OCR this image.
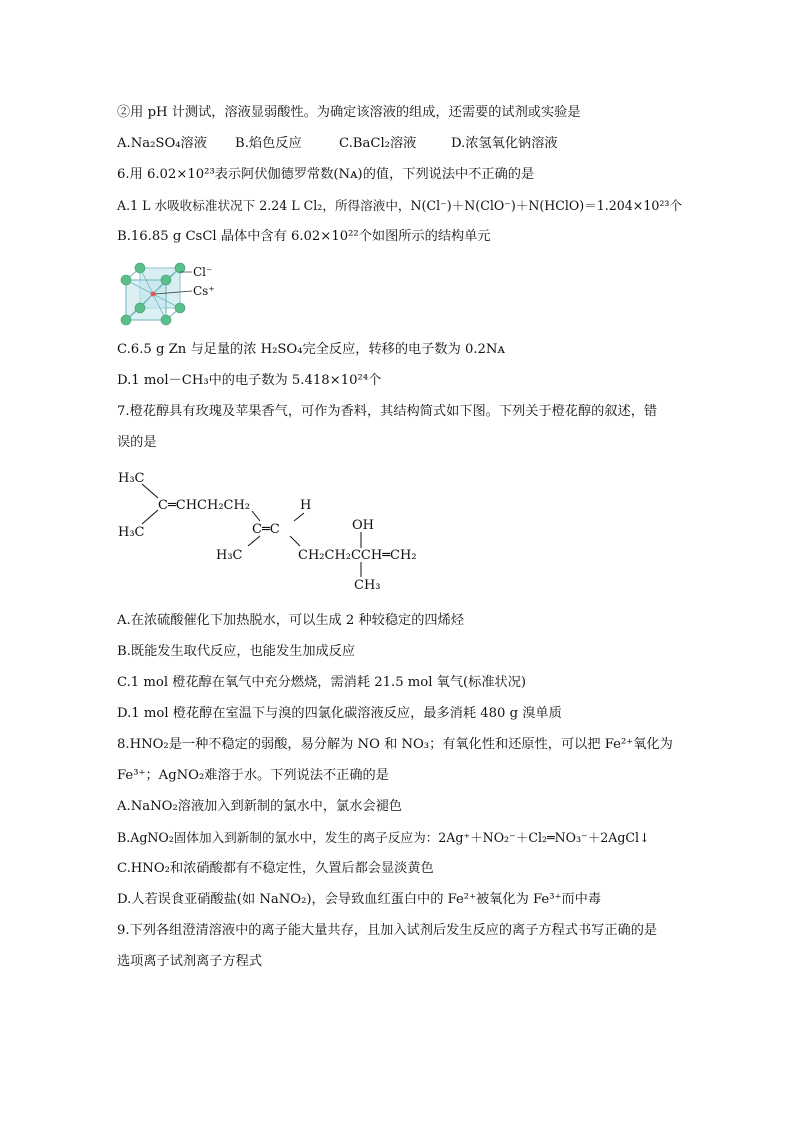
②用 pH 计测试，溶液显弱酸性。为确定该溶液的组成，还需要的试剂或实验是
A.Na₂SO₄溶液	B.焰色反应	C.BaCl₂溶液	D.浓氢氧化钠溶液
6.用 6.02×10²³表示阿伏伽德罗常数(Nᴀ)的值，下列说法中不正确的是
A.1 L 水吸收标准状况下 2.24 L Cl₂，所得溶液中，N(Cl⁻)＋N(ClO⁻)＋N(HClO)＝1.204×10²³个
B.16.85 g CsCl 晶体中含有 6.02×10²²个如图所示的结构单元
Cl⁻
Cs⁺
C.6.5 g Zn 与足量的浓 H₂SO₄完全反应，转移的电子数为 0.2Nᴀ
D.1 mol－CH₃中的电子数为 5.418×10²⁴个
7.橙花醇具有玫瑰及苹果香气，可作为香料，其结构简式如下图。下列关于橙花醇的叙述，错
误的是
H₃C
H₃C
C═CHCH₂CH₂	H
C═C
H₃C
OH
CH₂CH₂CCH═CH₂
CH₃
A.在浓硫酸催化下加热脱水，可以生成 2 种较稳定的四烯烃
B.既能发生取代反应，也能发生加成反应
C.1 mol 橙花醇在氧气中充分燃烧，需消耗 21.5 mol 氧气(标准状况)
D.1 mol 橙花醇在室温下与溴的四氯化碳溶液反应，最多消耗 480 g 溴单质
8.HNO₂是一种不稳定的弱酸，易分解为 NO 和 NO₃；有氧化性和还原性，可以把 Fe²⁺氧化为
Fe³⁺；AgNO₂难溶于水。下列说法不正确的是
A.NaNO₂溶液加入到新制的氯水中，氯水会褪色
B.AgNO₂固体加入到新制的氯水中，发生的离子反应为：2Ag⁺＋NO₂⁻＋Cl₂═NO₃⁻＋2AgCl↓
C.HNO₂和浓硝酸都有不稳定性，久置后都会显淡黄色
D.人若误食亚硝酸盐(如 NaNO₂)，会导致血红蛋白中的 Fe²⁺被氧化为 Fe³⁺而中毒
9.下列各组澄清溶液中的离子能大量共存，且加入试剂后发生反应的离子方程式书写正确的是
选项离子试剂离子方程式
